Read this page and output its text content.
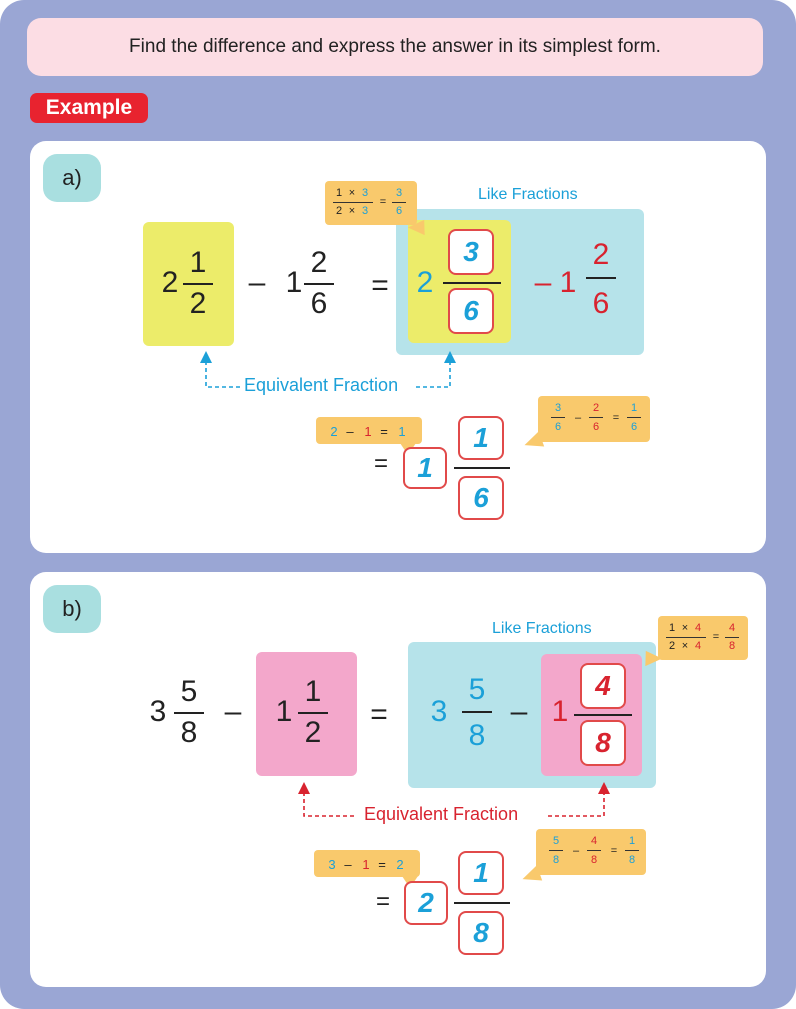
Find the difference and express the answer in its simplest form.
Example
a)
2
1
2
– 1
2
6
=
Like Fractions
2
3
6
– 1
2
6
1 × 3
2 × 3
=
3
6
Equivalent Fraction
2 – 1 = 1
3
6
–
2
6
=
1
6
= 1
1
6
b)
3
5
8
– 1
1
2
=
Like Fractions
3
5
8
– 1
4
8
1 × 4
2 × 4
=
4
8
Equivalent Fraction
3 – 1 = 2
5
8
–
4
8
=
1
8
= 2
1
8
